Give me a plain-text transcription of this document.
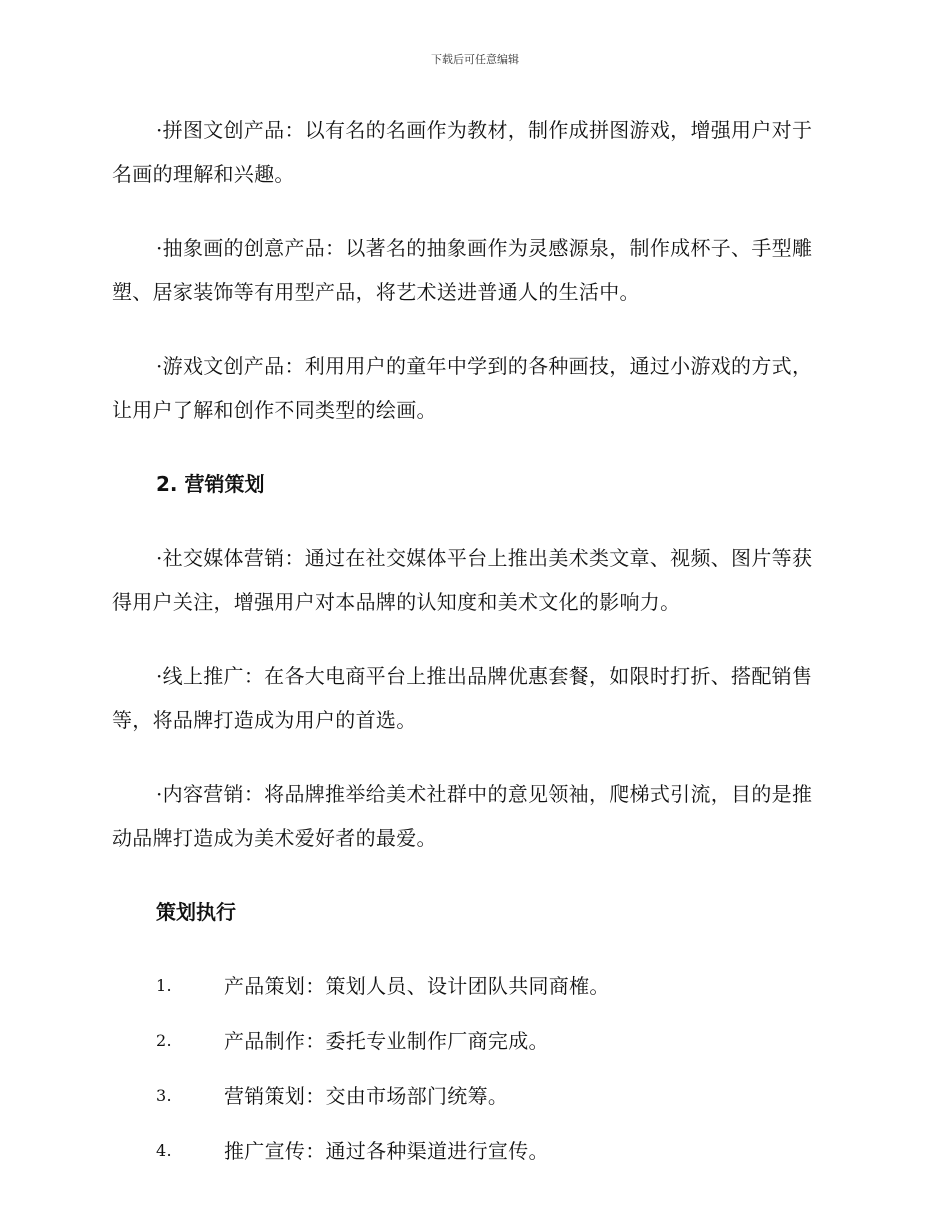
下载后可任意编辑

·拼图文创产品：以有名的名画作为教材，制作成拼图游戏，增强用户对于名画的理解和兴趣。

·抽象画的创意产品：以著名的抽象画作为灵感源泉，制作成杯子、手型雕塑、居家装饰等有用型产品，将艺术送进普通人的生活中。

·游戏文创产品：利用用户的童年中学到的各种画技，通过小游戏的方式，让用户了解和创作不同类型的绘画。

2. 营销策划

·社交媒体营销：通过在社交媒体平台上推出美术类文章、视频、图片等获得用户关注，增强用户对本品牌的认知度和美术文化的影响力。

·线上推广：在各大电商平台上推出品牌优惠套餐，如限时打折、搭配销售等，将品牌打造成为用户的首选。

·内容营销：将品牌推举给美术社群中的意见领袖，爬梯式引流，目的是推动品牌打造成为美术爱好者的最爱。

策划执行
1.	产品策划：策划人员、设计团队共同商榷。
2.	产品制作：委托专业制作厂商完成。
3.	营销策划：交由市场部门统筹。
4.	推广宣传：通过各种渠道进行宣传。
